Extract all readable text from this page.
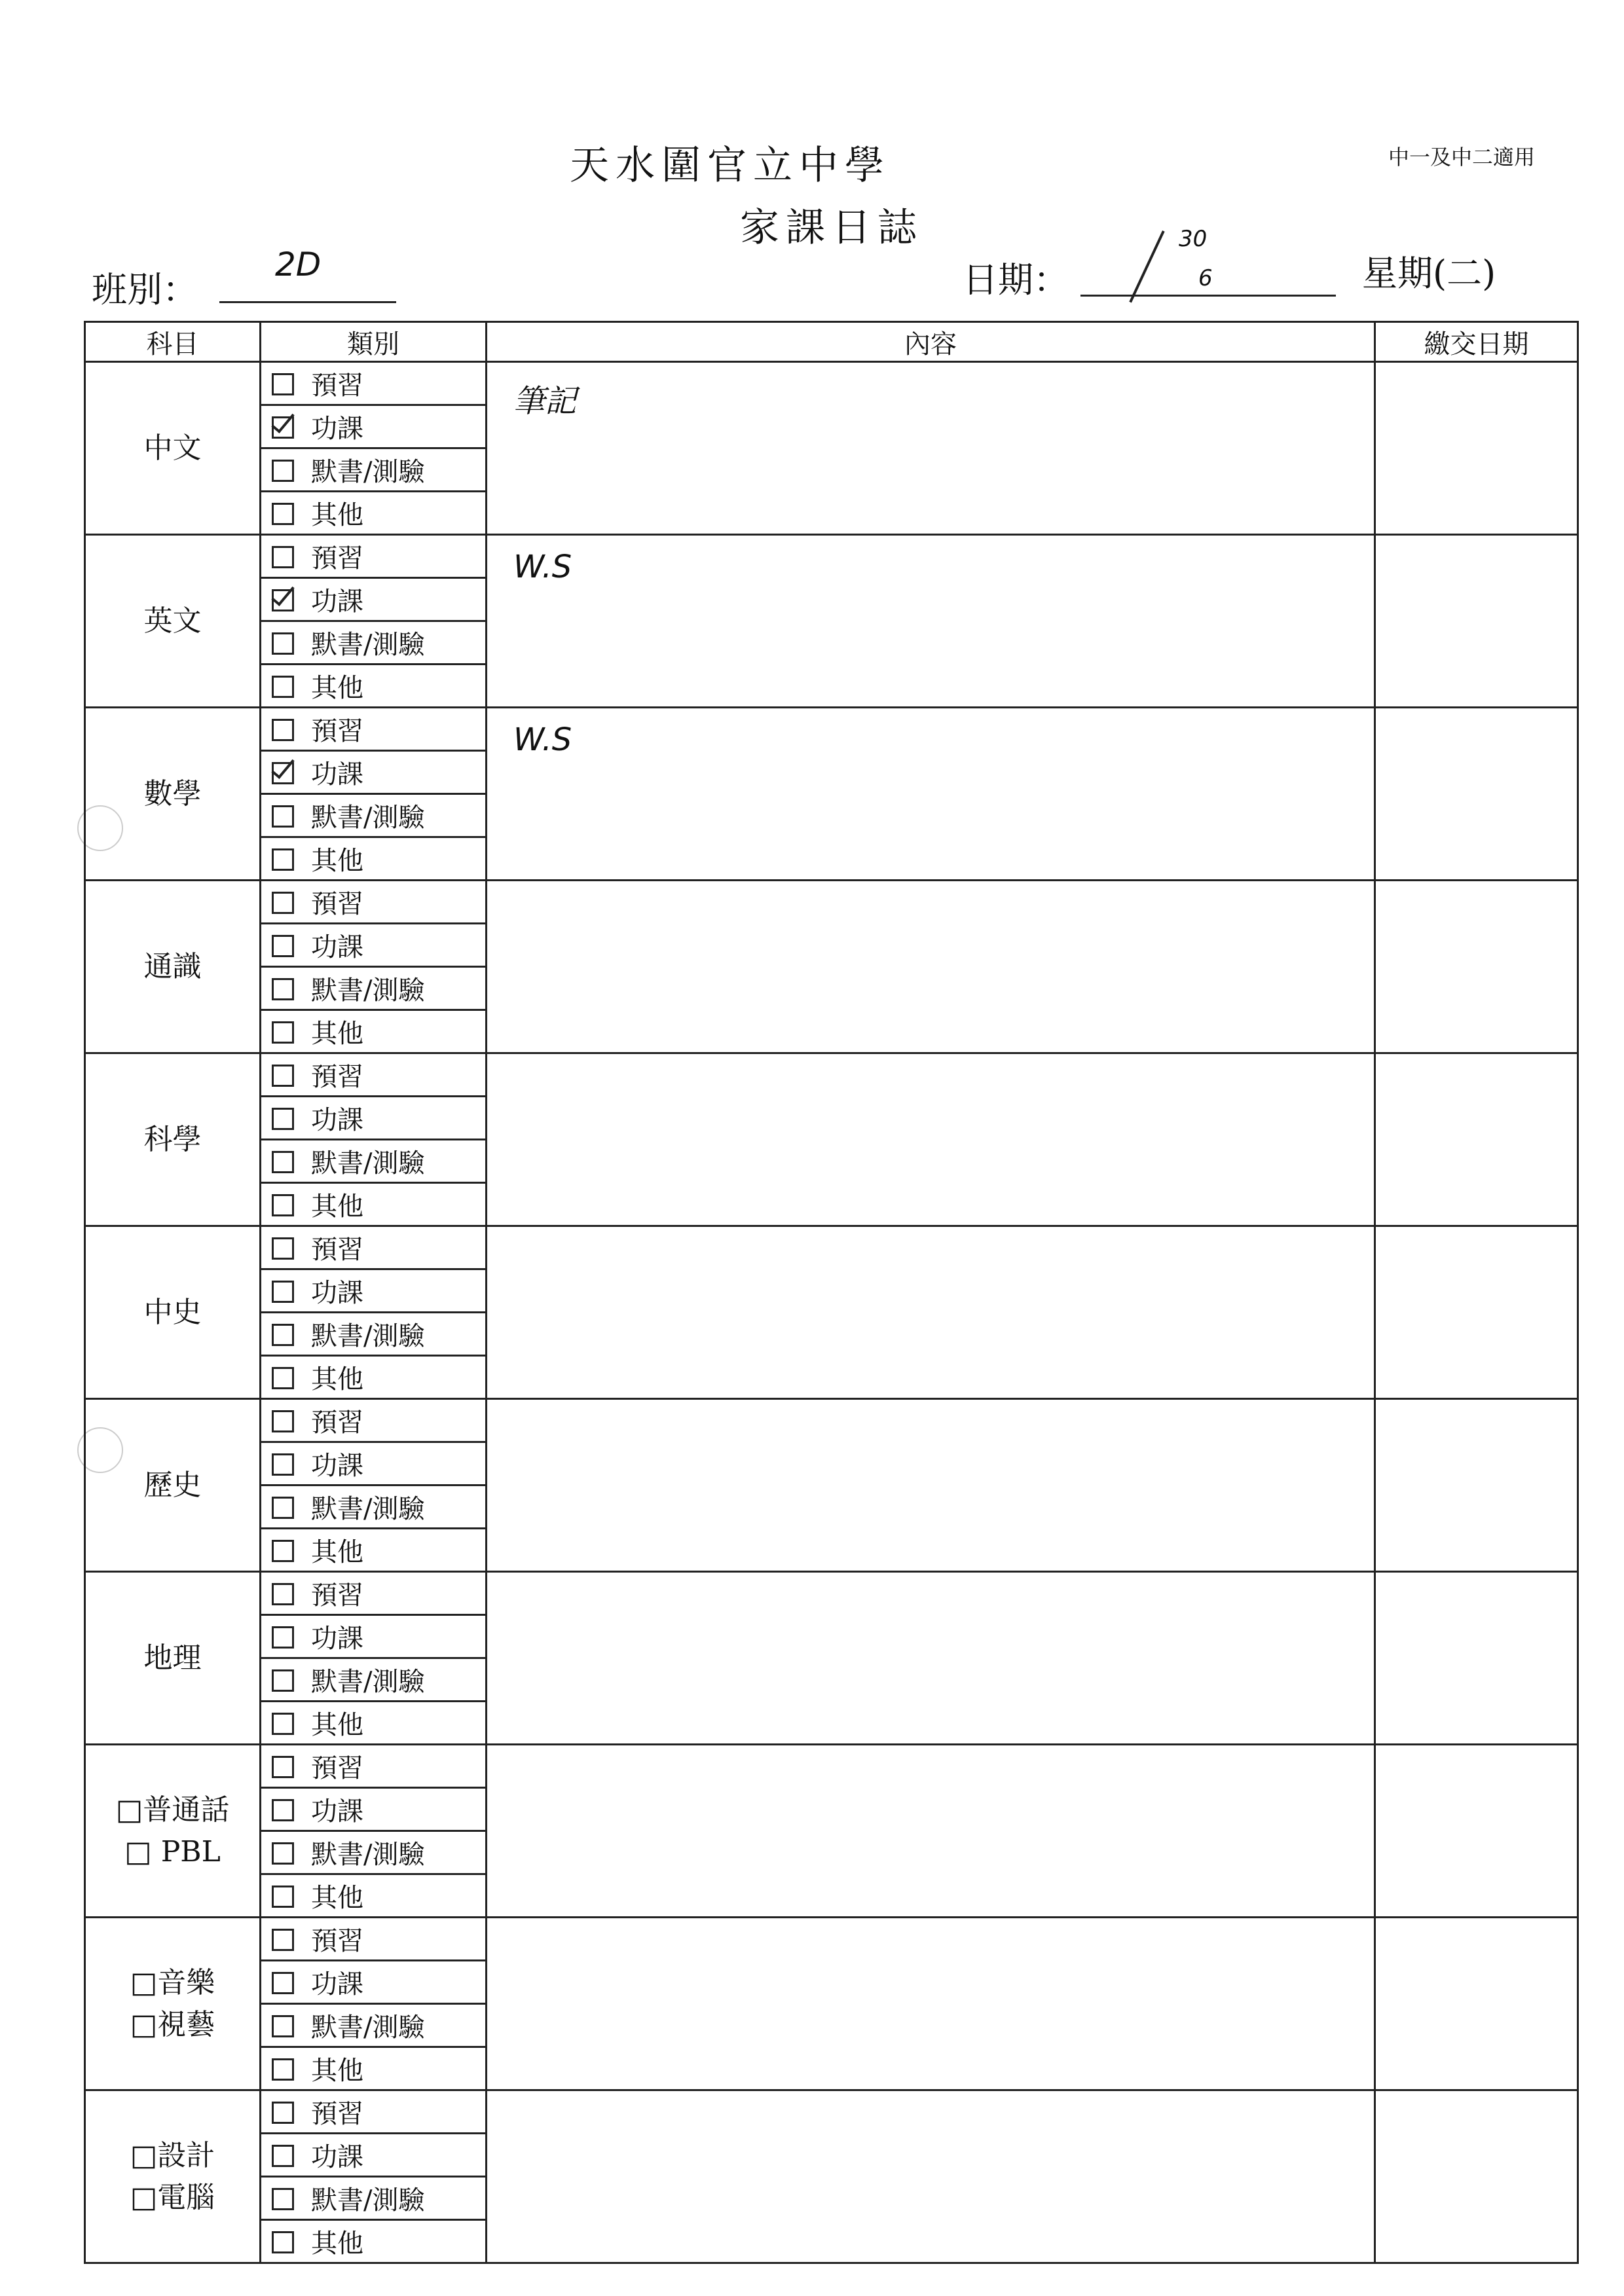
天水圍官立中學
家課日誌
中一及中二適用
班別：
2D	日期：
30
6	星期(二)
科目	類別	內容	繳交日期

中文	預習	筆記	
	功課		
	默書/測驗		
	其他		

英文	預習	W.S	
	功課		
	默書/測驗		
	其他		

數學	預習	W.S	
	功課		
	默書/測驗		
	其他		

通識	預習		
	功課		
	默書/測驗		
	其他		

科學	預習		
	功課		
	默書/測驗		
	其他		

中史	預習		
	功課		
	默書/測驗		
	其他		

歷史	預習		
	功課		
	默書/測驗		
	其他		

地理	預習		
	功課		
	默書/測驗		
	其他		

□普通話
□ PBL	預習		
	功課		
	默書/測驗		
	其他		

□音樂
□視藝	預習		
	功課		
	默書/測驗		
	其他		

□設計
□電腦	預習		
	功課		
	默書/測驗		
	其他		
